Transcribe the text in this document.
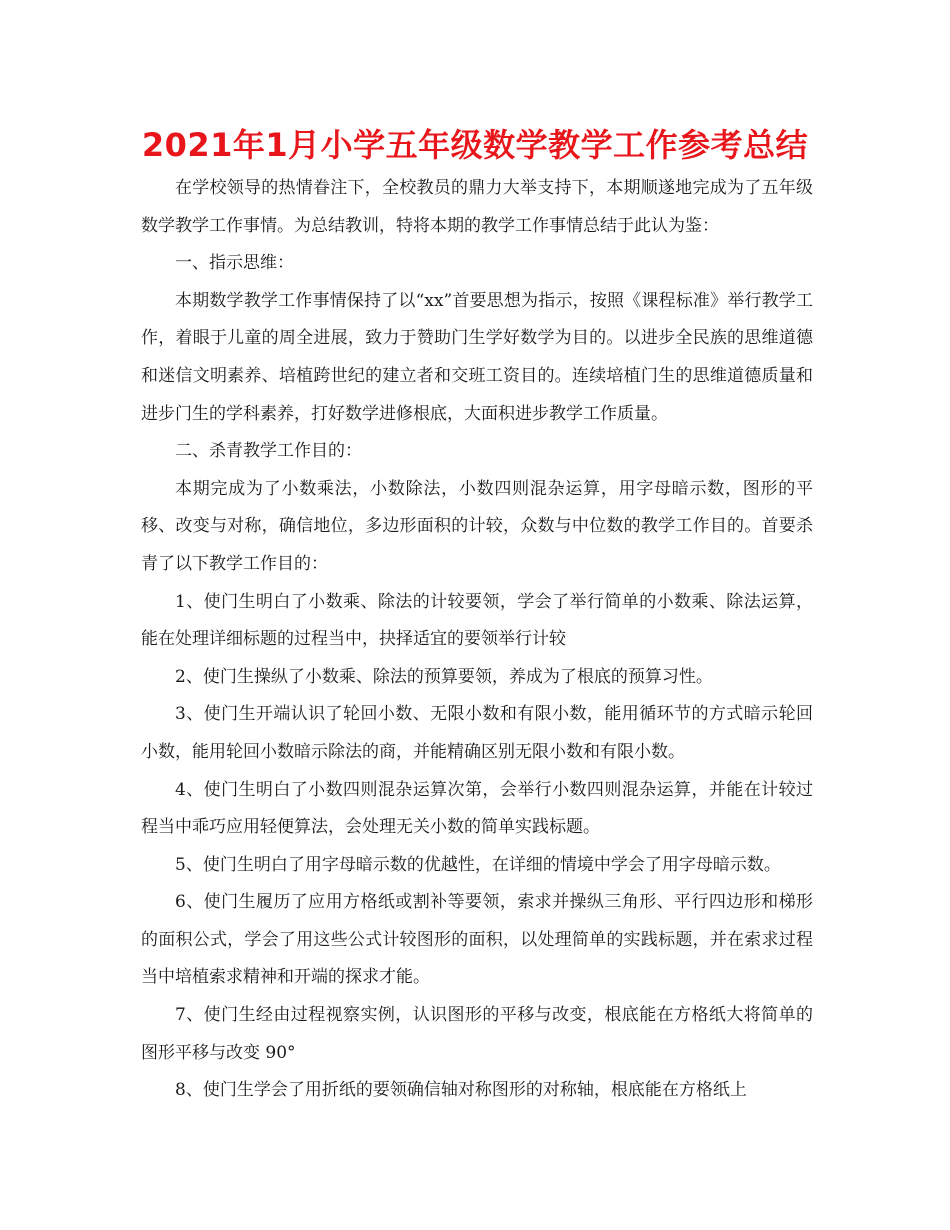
2021年1月小学五年级数学教学工作参考总结

在学校领导的热情眷注下，全校教员的鼎力大举支持下，本期顺遂地完成为了五年级数学教学工作事情。为总结教训，特将本期的教学工作事情总结于此认为鉴：

一、指示思维：

本期数学教学工作事情保持了以“xx”首要思想为指示，按照《课程标准》举行教学工作，着眼于儿童的周全进展，致力于赞助门生学好数学为目的。以进步全民族的思维道德和迷信文明素养、培植跨世纪的建立者和交班工资目的。连续培植门生的思维道德质量和进步门生的学科素养，打好数学进修根底，大面积进步教学工作质量。

二、杀青教学工作目的：

本期完成为了小数乘法，小数除法，小数四则混杂运算，用字母暗示数，图形的平移、改变与对称，确信地位，多边形面积的计较，众数与中位数的教学工作目的。首要杀青了以下教学工作目的：

1、使门生明白了小数乘、除法的计较要领，学会了举行简单的小数乘、除法运算，能在处理详细标题的过程当中，抉择适宜的要领举行计较

2、使门生操纵了小数乘、除法的预算要领，养成为了根底的预算习性。

3、使门生开端认识了轮回小数、无限小数和有限小数，能用循环节的方式暗示轮回小数，能用轮回小数暗示除法的商，并能精确区别无限小数和有限小数。

4、使门生明白了小数四则混杂运算次第，会举行小数四则混杂运算，并能在计较过程当中乖巧应用轻便算法，会处理无关小数的简单实践标题。

5、使门生明白了用字母暗示数的优越性，在详细的情境中学会了用字母暗示数。

6、使门生履历了应用方格纸或割补等要领，索求并操纵三角形、平行四边形和梯形的面积公式，学会了用这些公式计较图形的面积，以处理简单的实践标题，并在索求过程当中培植索求精神和开端的探求才能。

7、使门生经由过程视察实例，认识图形的平移与改变，根底能在方格纸大将简单的图形平移与改变 90°

8、使门生学会了用折纸的要领确信轴对称图形的对称轴，根底能在方格纸上
